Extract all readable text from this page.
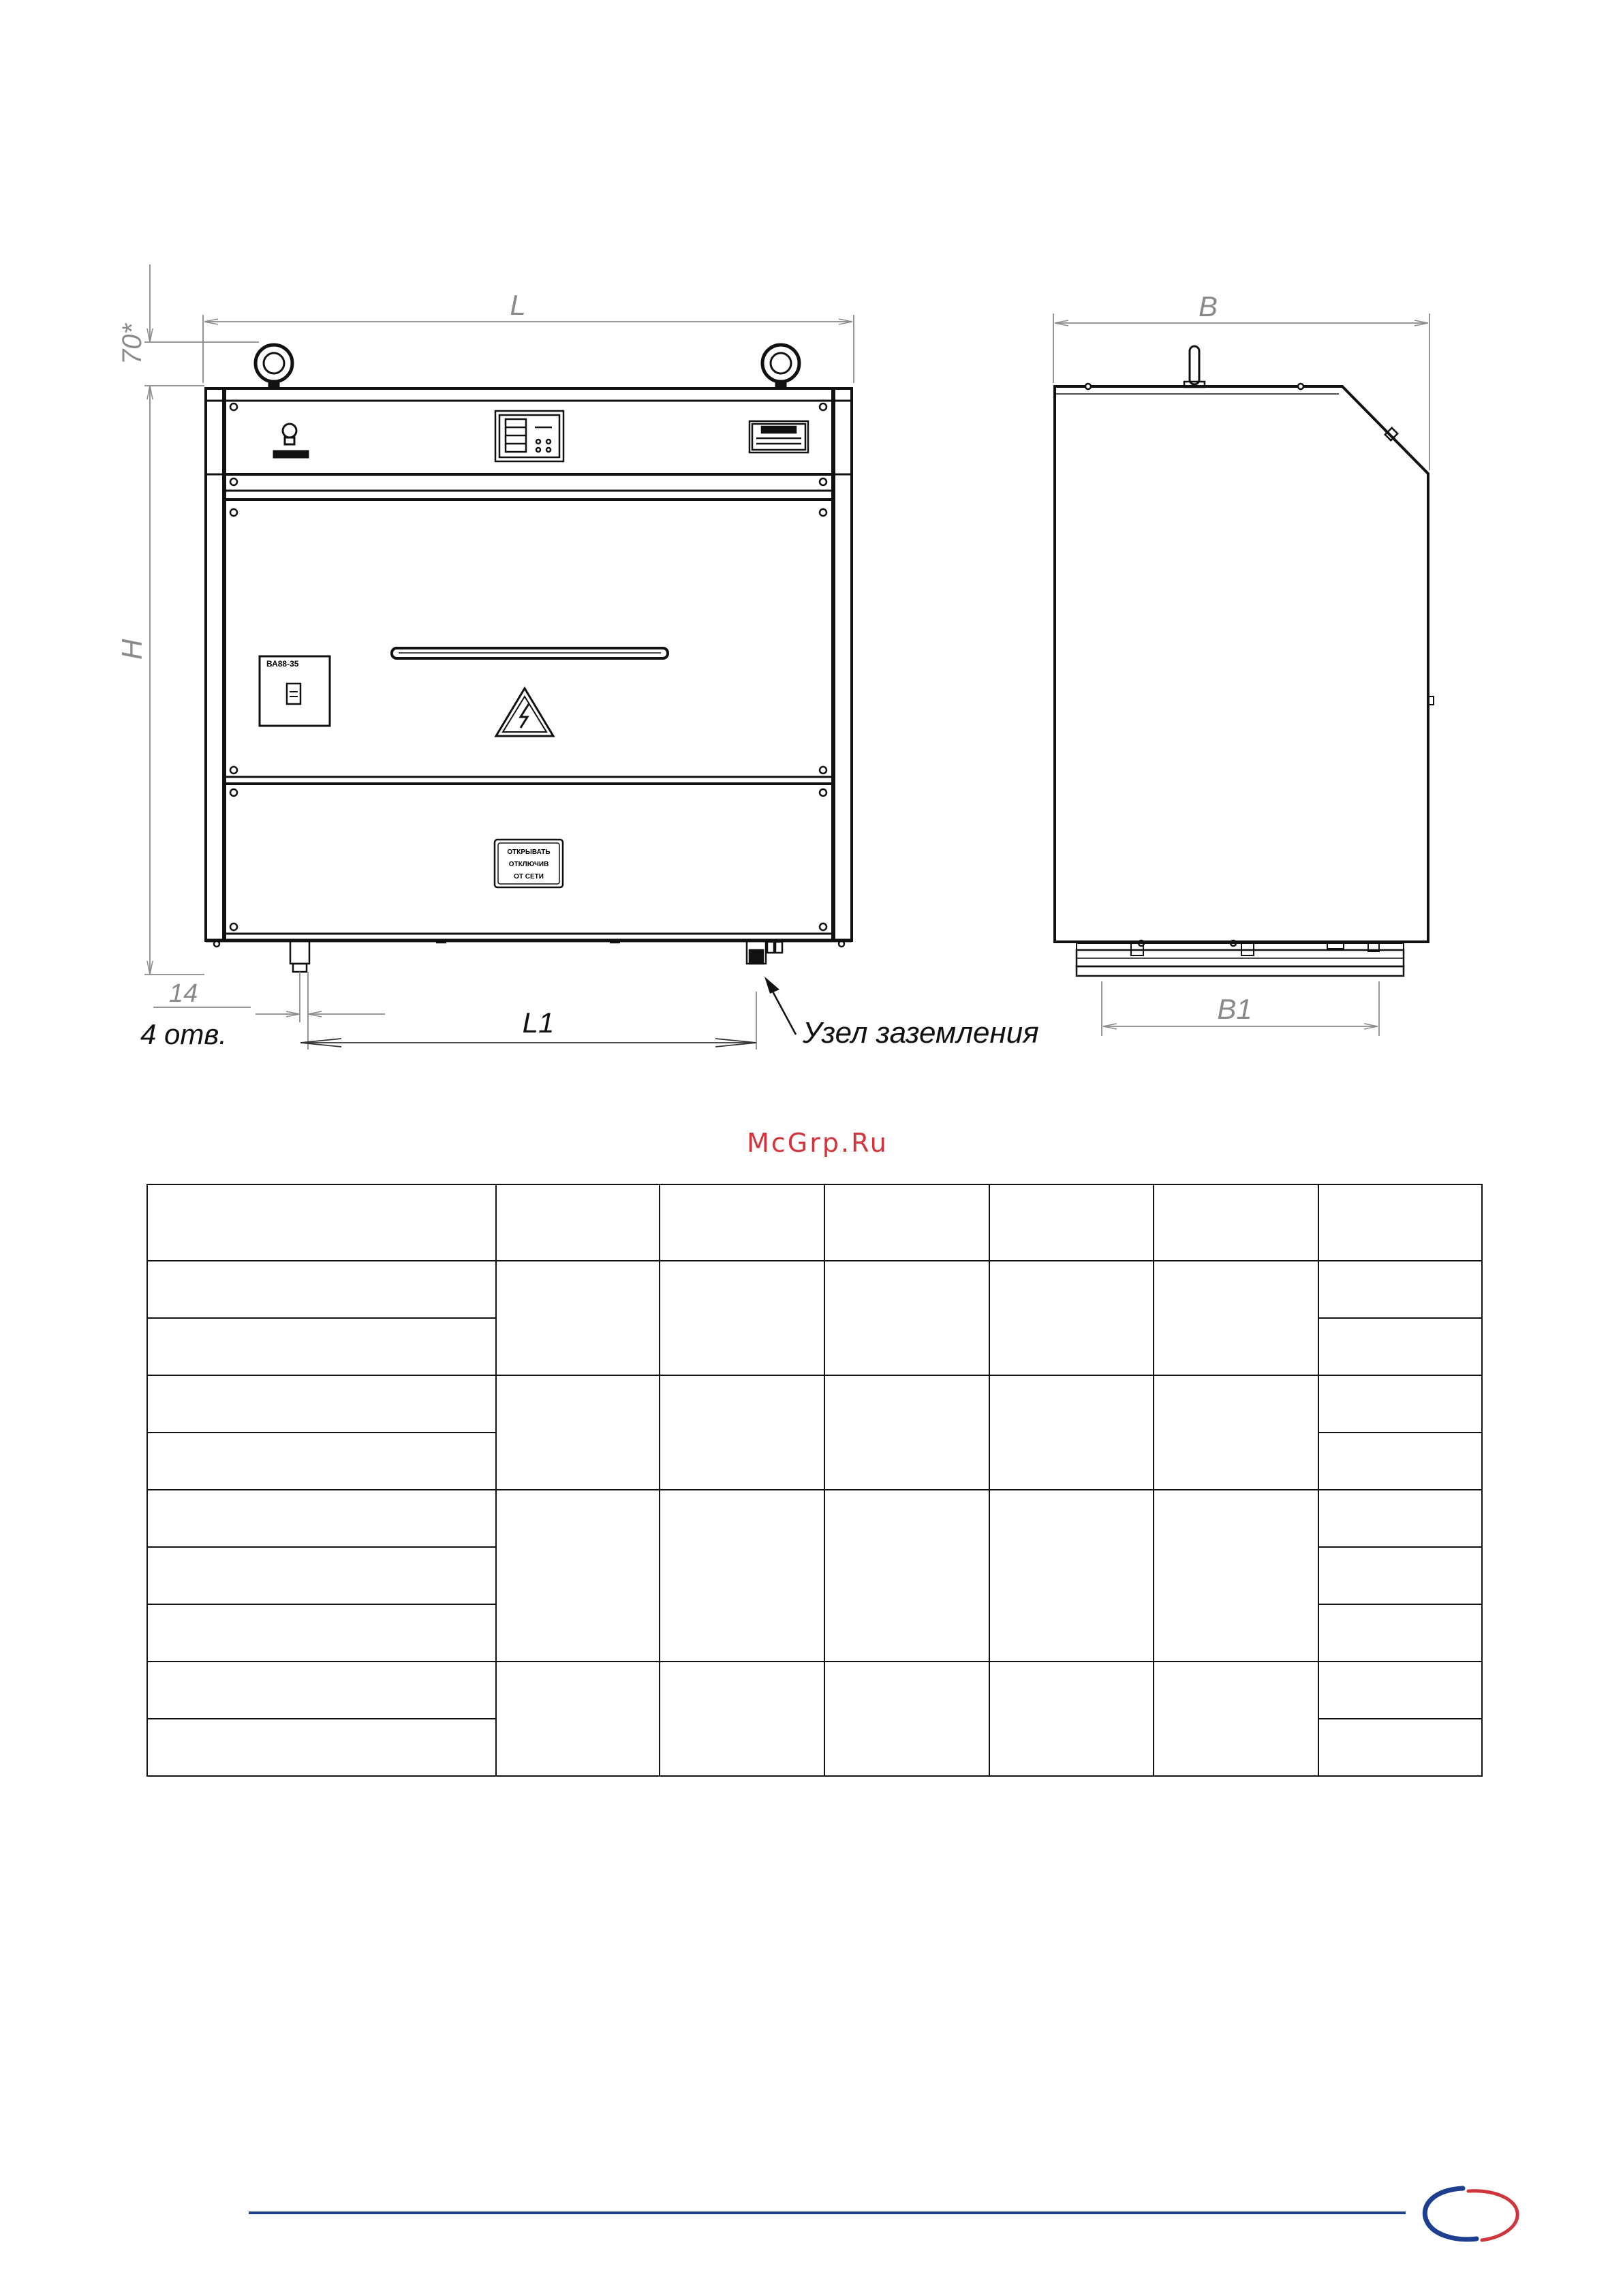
ВА88-35
ОТКРЫВАТЬ
ОТКЛЮЧИВ
ОТ СЕТИ
L
70*
H
14
4 отв.	L1	Узел заземления
B
B1
McGrp.Ru
